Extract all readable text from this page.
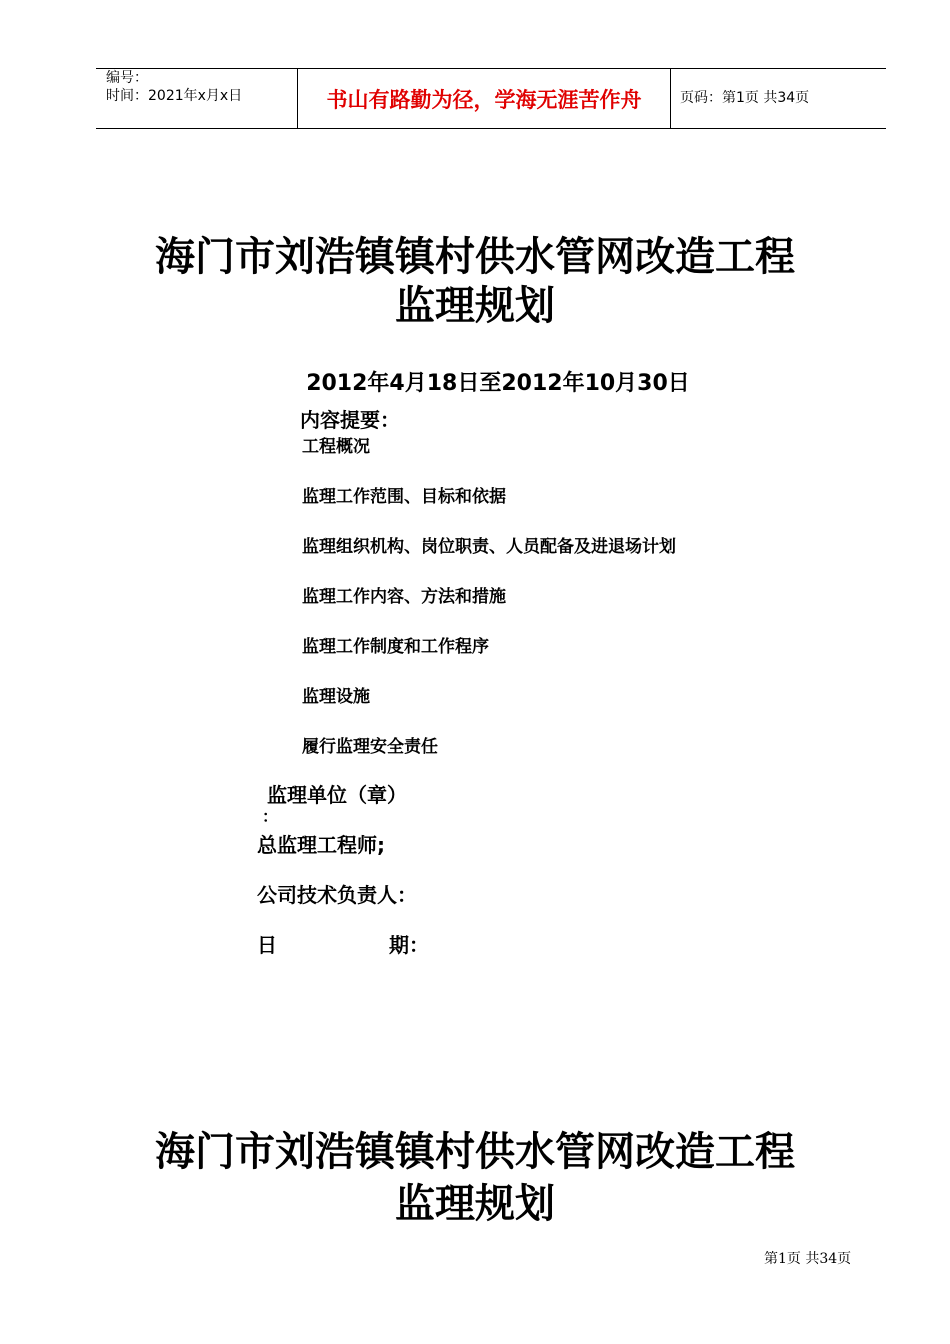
编号：
时间：2021年x月x日	书山有路勤为径，学海无涯苦作舟	页码：第1页 共34页
海门市刘浩镇镇村供水管网改造工程
监理规划
2012年4月18日至2012年10月30日
内容提要：
工程概况
监理工作范围、目标和依据
监理组织机构、岗位职责、人员配备及进退场计划
监理工作内容、方法和措施
监理工作制度和工作程序
监理设施
履行监理安全责任
监理单位（章）
：
总监理工程师;
公司技术负责人：
日	期：
海门市刘浩镇镇村供水管网改造工程
监理规划
第1页 共34页
